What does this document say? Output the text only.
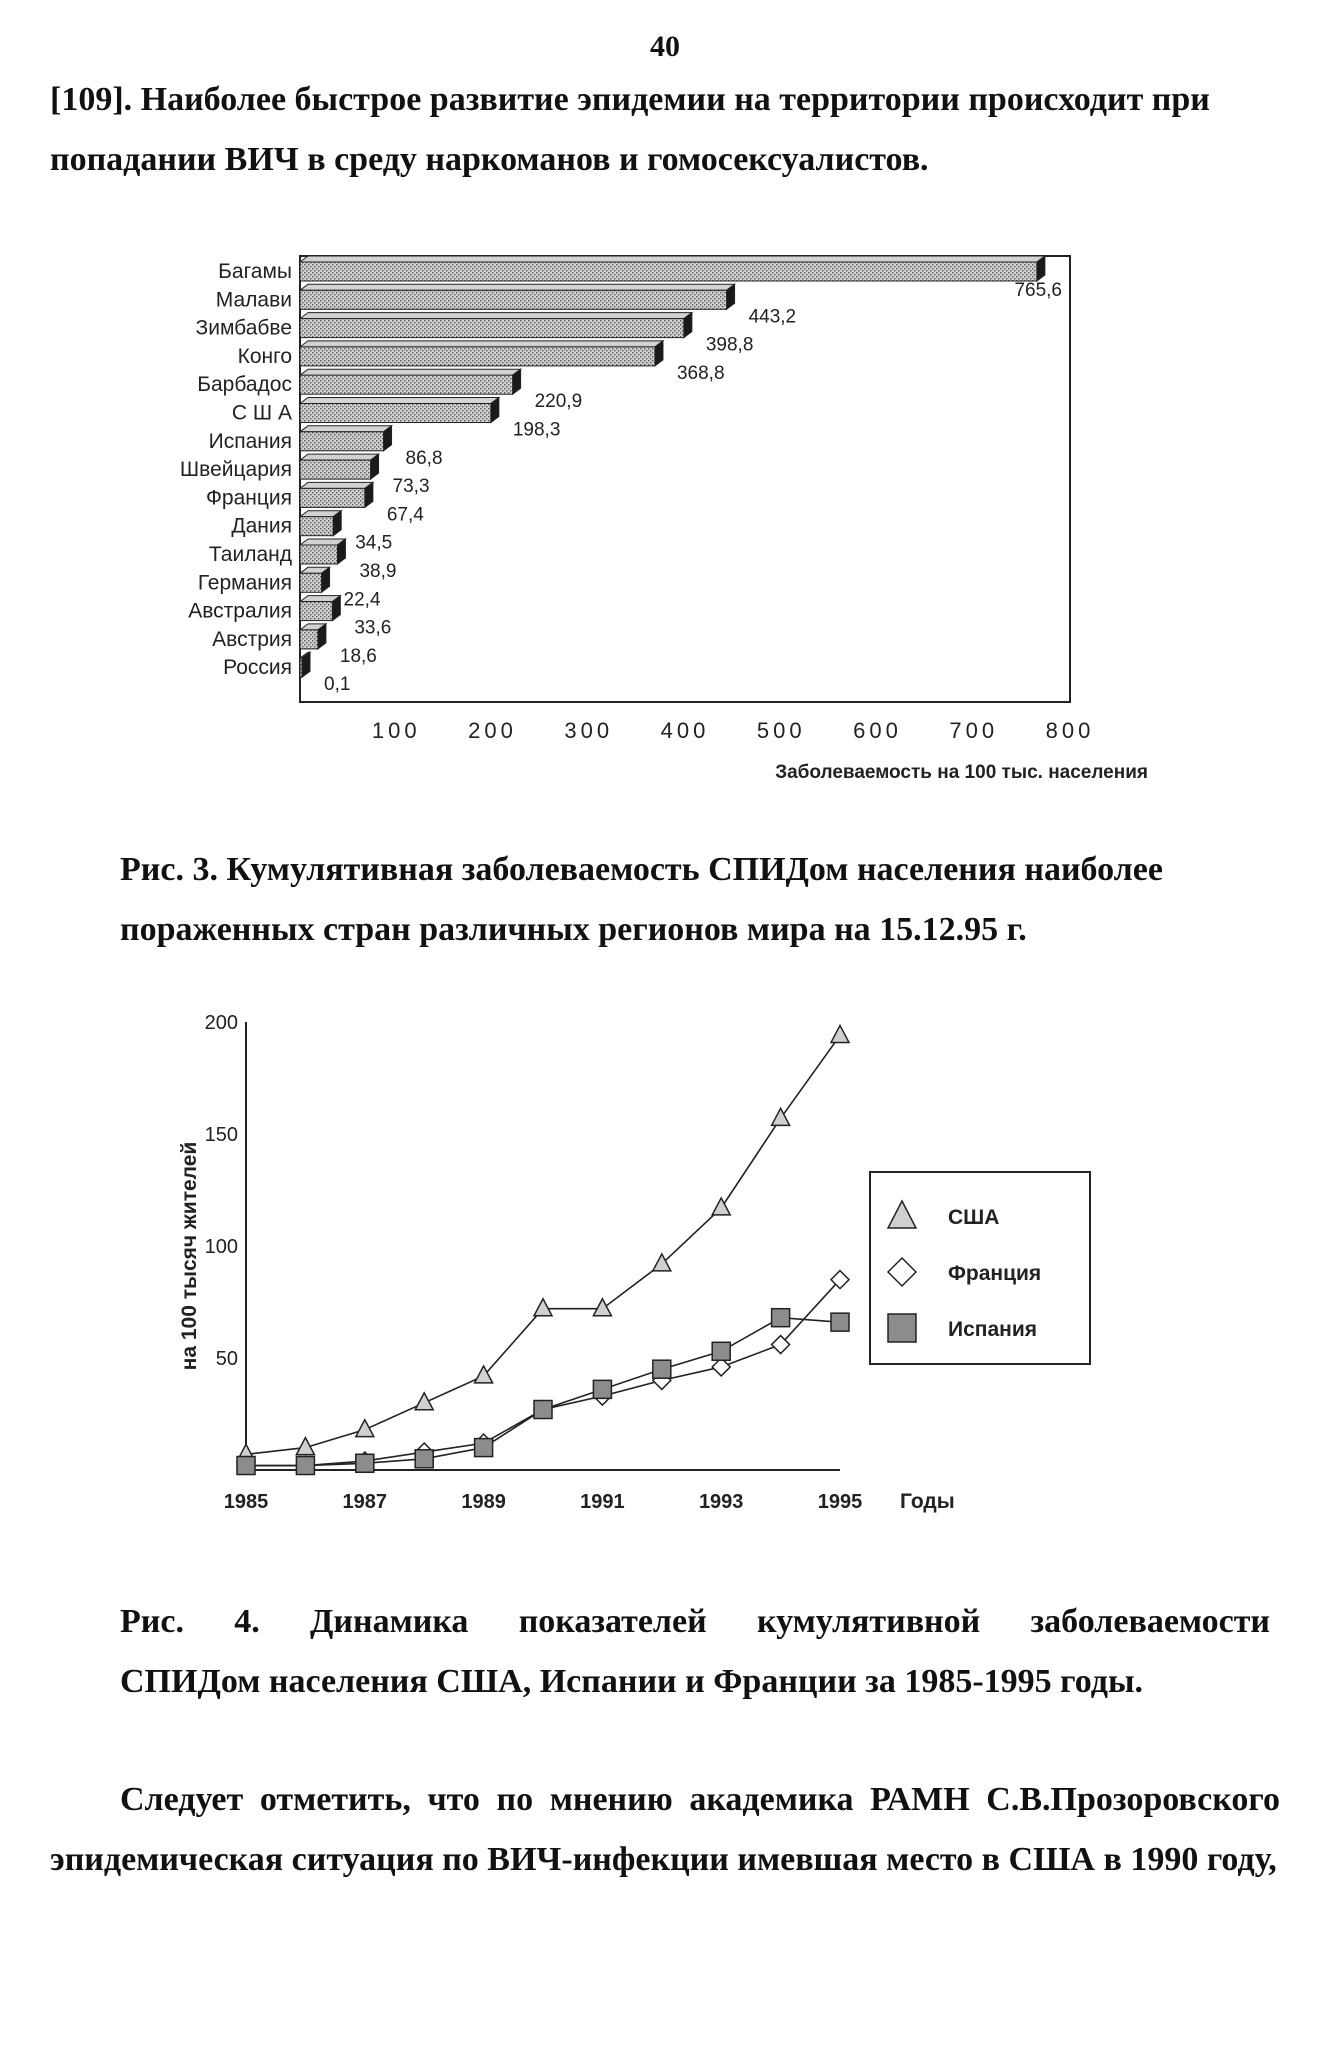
40
[109]. Наиболее быстрое развитие эпидемии на территории происходит при
попадании ВИЧ в среду наркоманов и гомосексуалистов.
Багамы
Малави
Зимбабве
Конго
Барбадос
С Ш А
Испания
Швейцария
Франция
Дания
Таиланд
Германия
Австралия
Австрия
Россия
765,6
443,2
398,8
368,8
220,9
198,3
86,8
73,3
67,4
34,5
38,9
22,4
33,6
18,6
0,1
100 200 300 400 500 600 700 800
Заболеваемость на 100 тыс. населения
Рис. 3. Кумулятивная заболеваемость СПИДом населения наиболее
пораженных стран различных регионов мира на 15.12.95 г.
200
150
100
50
1985	1987	1989	1991	1993	1995
на 100 тысяч жителей
Годы
США
Франция
Испания
Рис. 4. Динамика показателей кумулятивной заболеваемости
СПИДом населения США, Испании и Франции за 1985-1995 годы.
Следует отметить, что по мнению академика РАМН С.В.Прозоровского
эпидемическая ситуация по ВИЧ-инфекции имевшая место в США в 1990 году,
